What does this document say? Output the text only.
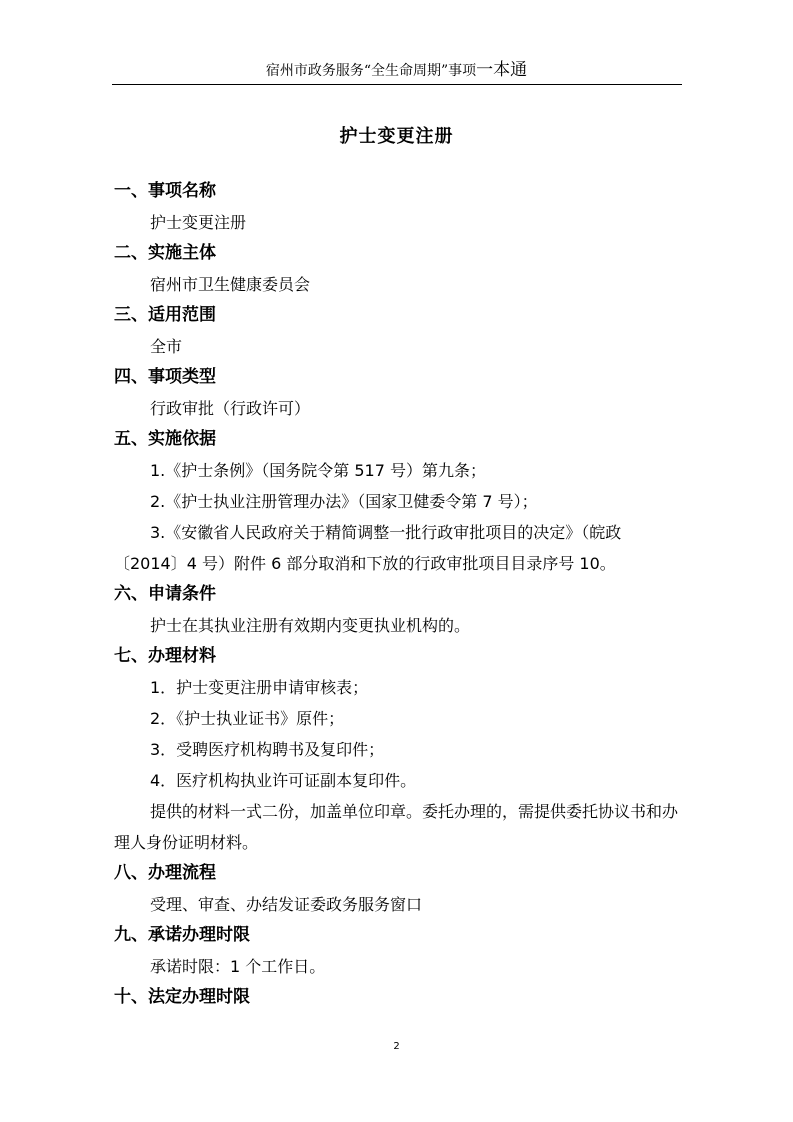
宿州市政务服务“全生命周期”事项一本通
护士变更注册
一、事项名称
护士变更注册
二、实施主体
宿州市卫生健康委员会
三、适用范围
全市
四、事项类型
行政审批（行政许可）
五、实施依据
1.《护士条例》（国务院令第 517 号）第九条；
2.《护士执业注册管理办法》（国家卫健委令第 7 号）；
3.《安徽省人民政府关于精简调整一批行政审批项目的决定》（皖政〔2014〕4 号）附件 6 部分取消和下放的行政审批项目目录序号 10。
六、申请条件
护士在其执业注册有效期内变更执业机构的。
七、办理材料
1．护士变更注册申请审核表；
2．《护士执业证书》原件；
3．受聘医疗机构聘书及复印件；
4．医疗机构执业许可证副本复印件。
提供的材料一式二份，加盖单位印章。委托办理的，需提供委托协议书和办理人身份证明材料。
八、办理流程
受理、审查、办结发证委政务服务窗口
九、承诺办理时限
承诺时限：1 个工作日。
十、法定办理时限
2
